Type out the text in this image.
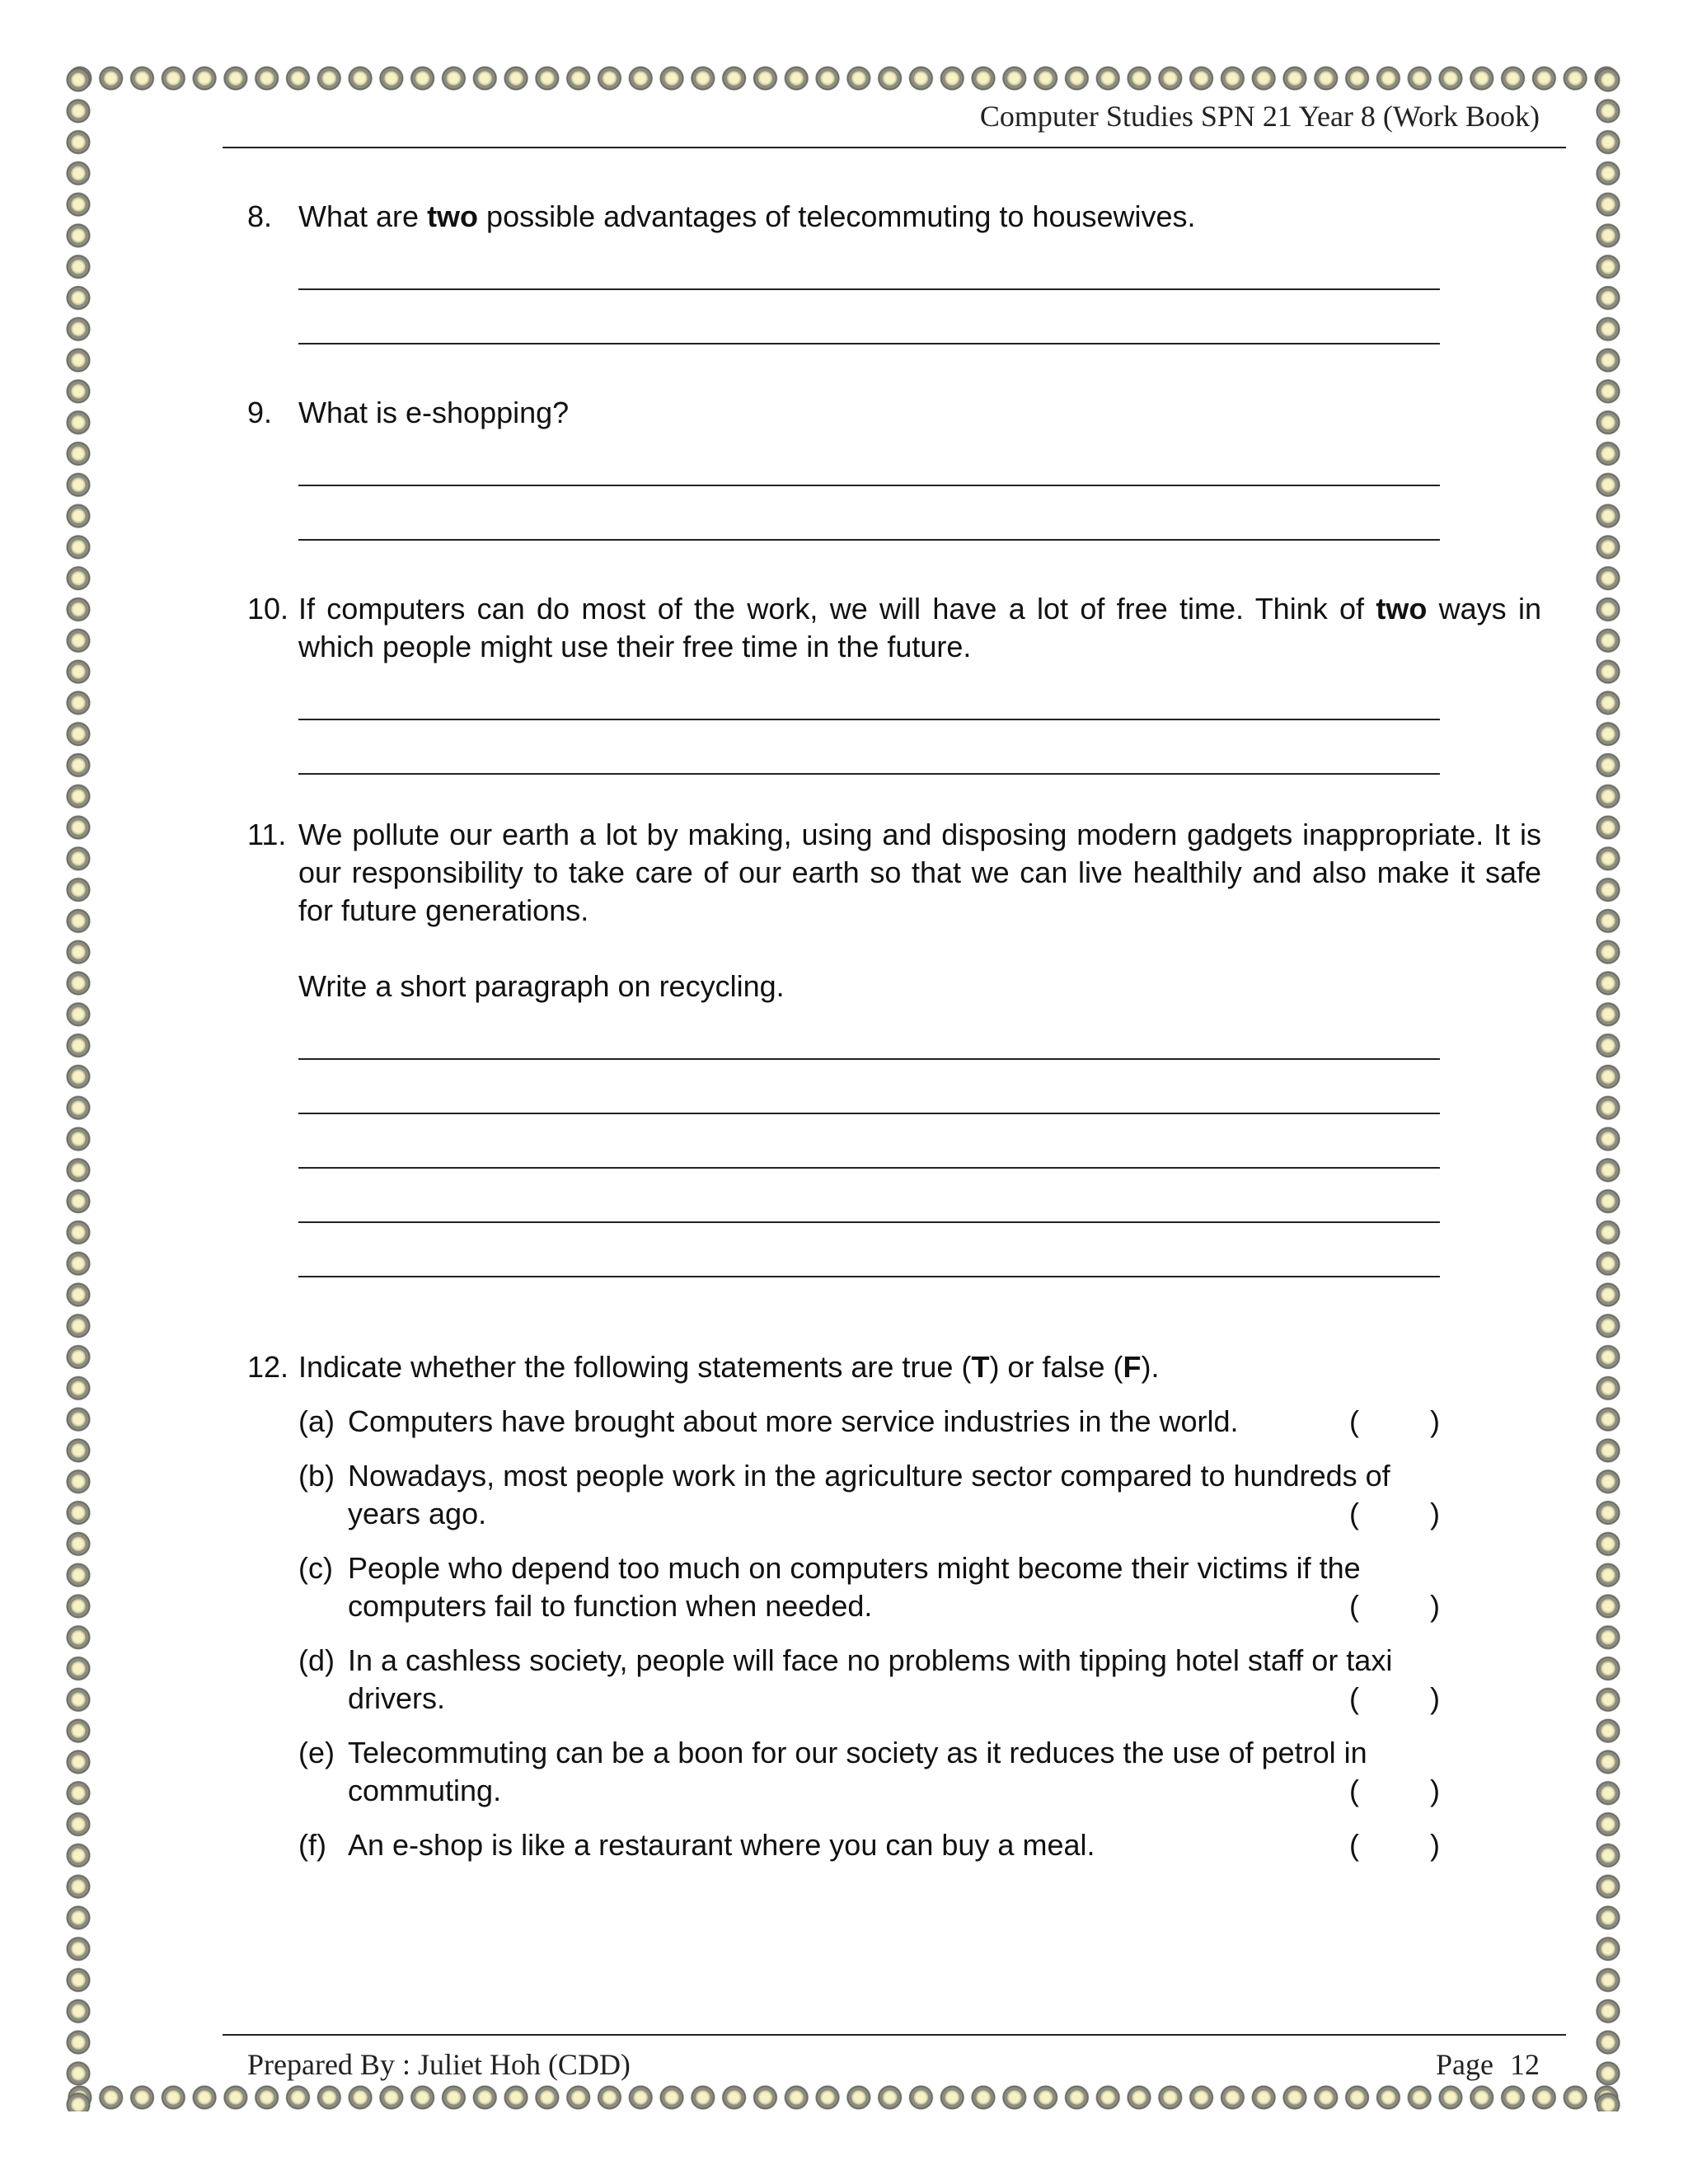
Computer Studies SPN 21 Year 8 (Work Book)
8. What are two possible advantages of telecommuting to housewives.
9. What is e-shopping?
10. If computers can do most of the work, we will have a lot of free time. Think of two ways in which people might use their free time in the future.
11. We pollute our earth a lot by making, using and disposing modern gadgets inappropriate. It is our responsibility to take care of our earth so that we can live healthily and also make it safe for future generations.
Write a short paragraph on recycling.
12. Indicate whether the following statements are true (T) or false (F).
(a) Computers have brought about more service industries in the world.	( )
(b) Nowadays, most people work in the agriculture sector compared to hundreds of
years ago.	( )
(c) People who depend too much on computers might become their victims if the
computers fail to function when needed.	( )
(d) In a cashless society, people will face no problems with tipping hotel staff or taxi
drivers.	( )
(e) Telecommuting can be a boon for our society as it reduces the use of petrol in
commuting.	( )
(f) An e-shop is like a restaurant where you can buy a meal.	( )
Prepared By : Juliet Hoh (CDD)	Page 12
